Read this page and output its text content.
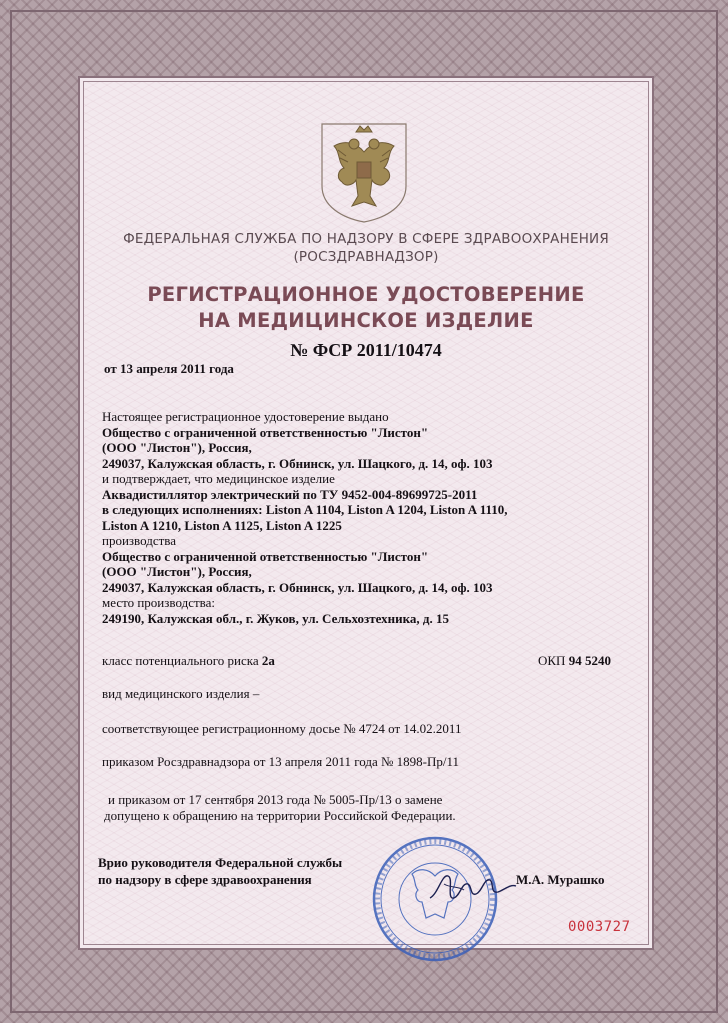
ФЕДЕРАЛЬНАЯ СЛУЖБА ПО НАДЗОРУ В СФЕРЕ ЗДРАВООХРАНЕНИЯ
(РОСЗДРАВНАДЗОР)
РЕГИСТРАЦИОННОЕ УДОСТОВЕРЕНИЕ
НА МЕДИЦИНСКОЕ ИЗДЕЛИЕ
№ ФСР 2011/10474
от 13 апреля 2011 года
Настоящее регистрационное удостоверение выдано
Общество с ограниченной ответственностью "Листон"
(ООО "Листон"), Россия,
249037, Калужская область, г. Обнинск, ул. Шацкого, д. 14, оф. 103
и подтверждает, что медицинское изделие
Аквадистиллятор электрический по ТУ 9452-004-89699725-2011
в следующих исполнениях: Liston A 1104, Liston A 1204, Liston A 1110,
Liston A 1210, Liston A 1125, Liston A 1225
производства
Общество с ограниченной ответственностью "Листон"
(ООО "Листон"), Россия,
249037, Калужская область, г. Обнинск, ул. Шацкого, д. 14, оф. 103
место производства:
249190, Калужская обл., г. Жуков, ул. Сельхозтехника, д. 15
класс потенциального риска 2а	ОКП 94 5240
вид медицинского изделия –
соответствующее регистрационному досье № 4724 от 14.02.2011
приказом Росздравнадзора от 13 апреля 2011 года № 1898-Пр/11
и приказом от 17 сентября 2013 года № 5005-Пр/13 о замене
допущено к обращению на территории Российской Федерации.
Врио руководителя Федеральной службы
по надзору в сфере здравоохранения	М.А. Мурашко
0003727
